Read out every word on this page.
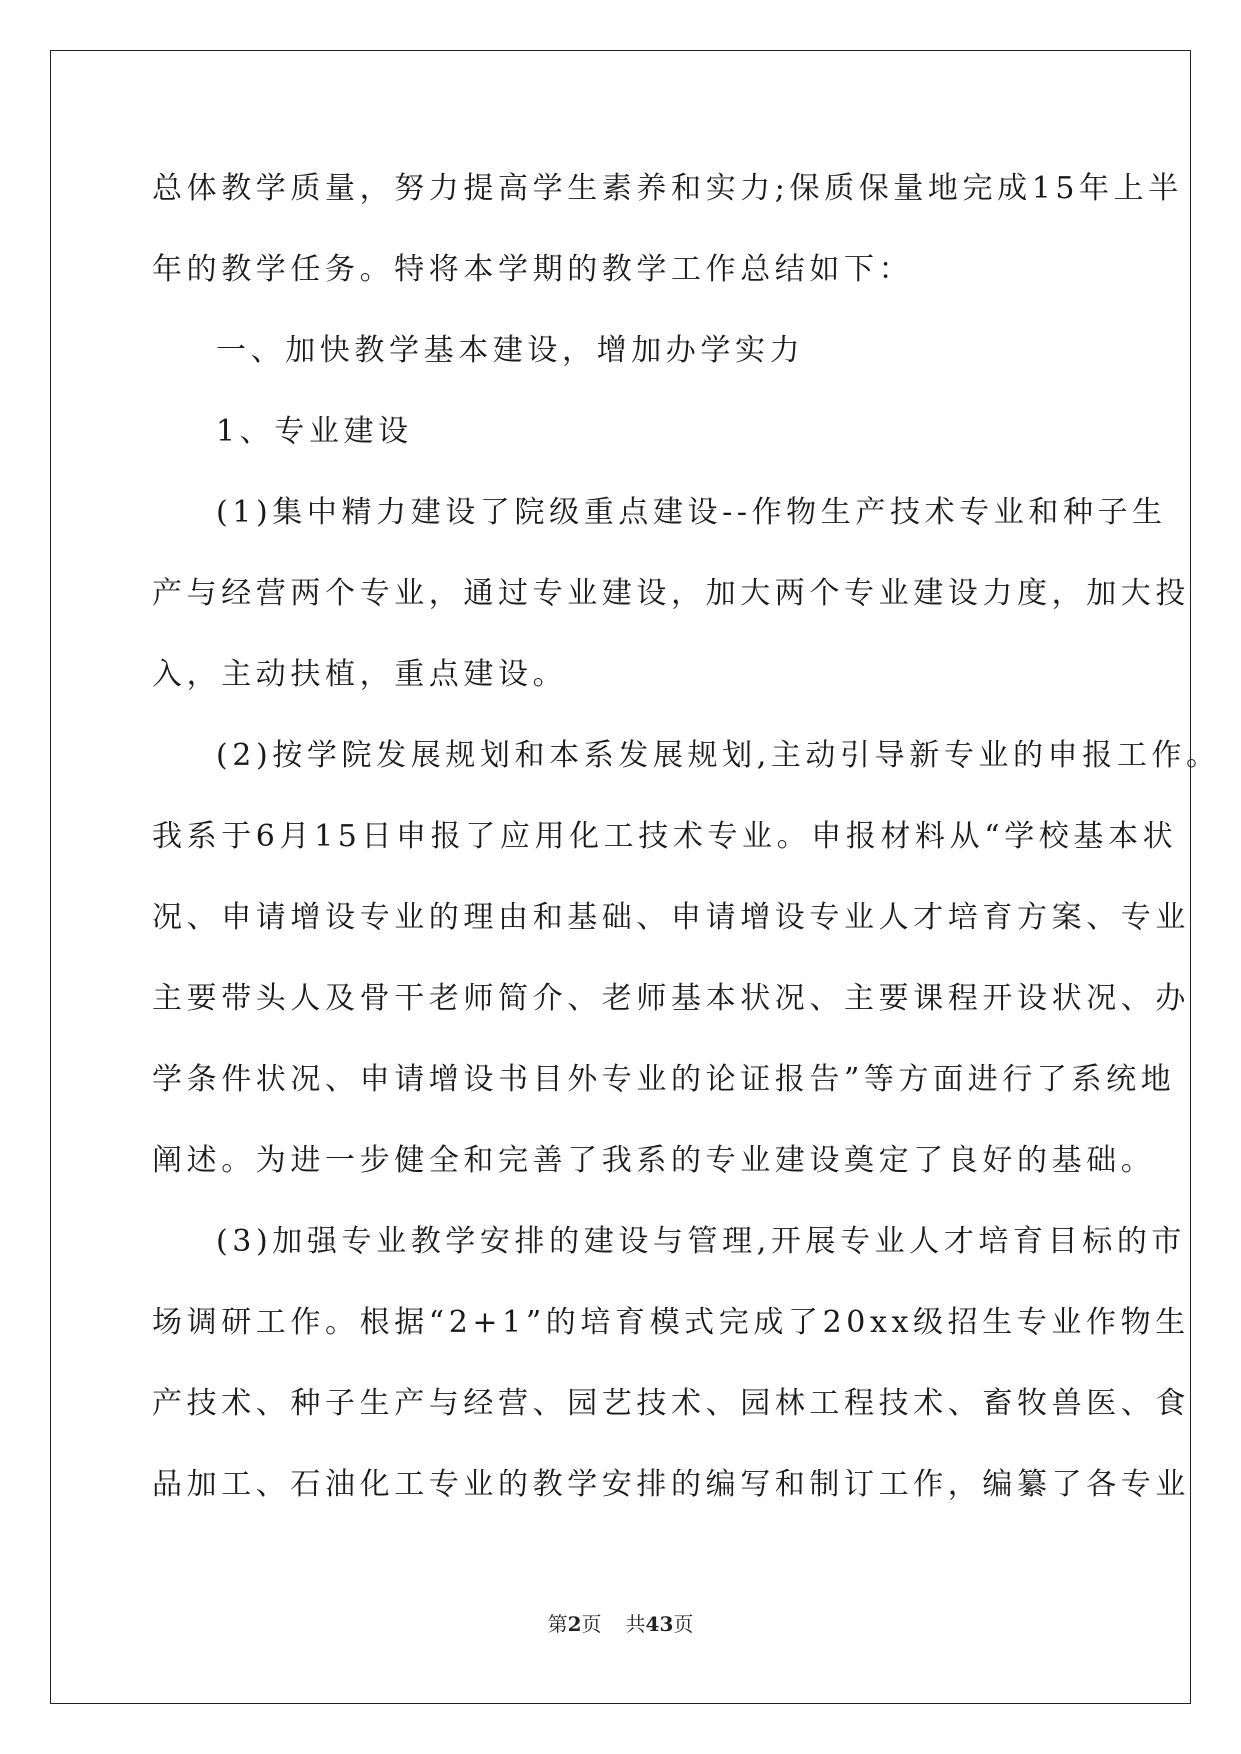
总体教学质量，努力提高学生素养和实力;保质保量地完成15年上半
年的教学任务。特将本学期的教学工作总结如下：
一、加快教学基本建设，增加办学实力
1、专业建设
(1)集中精力建设了院级重点建设--作物生产技术专业和种子生
产与经营两个专业，通过专业建设，加大两个专业建设力度，加大投
入，主动扶植，重点建设。
(2)按学院发展规划和本系发展规划,主动引导新专业的申报工作。
我系于6月15日申报了应用化工技术专业。申报材料从“学校基本状
况、申请增设专业的理由和基础、申请增设专业人才培育方案、专业
主要带头人及骨干老师简介、老师基本状况、主要课程开设状况、办
学条件状况、申请增设书目外专业的论证报告”等方面进行了系统地
阐述。为进一步健全和完善了我系的专业建设奠定了良好的基础。
(3)加强专业教学安排的建设与管理,开展专业人才培育目标的市
场调研工作。根据“2+1”的培育模式完成了20xx级招生专业作物生
产技术、种子生产与经营、园艺技术、园林工程技术、畜牧兽医、食
品加工、石油化工专业的教学安排的编写和制订工作，编纂了各专业
第2页 共43页
